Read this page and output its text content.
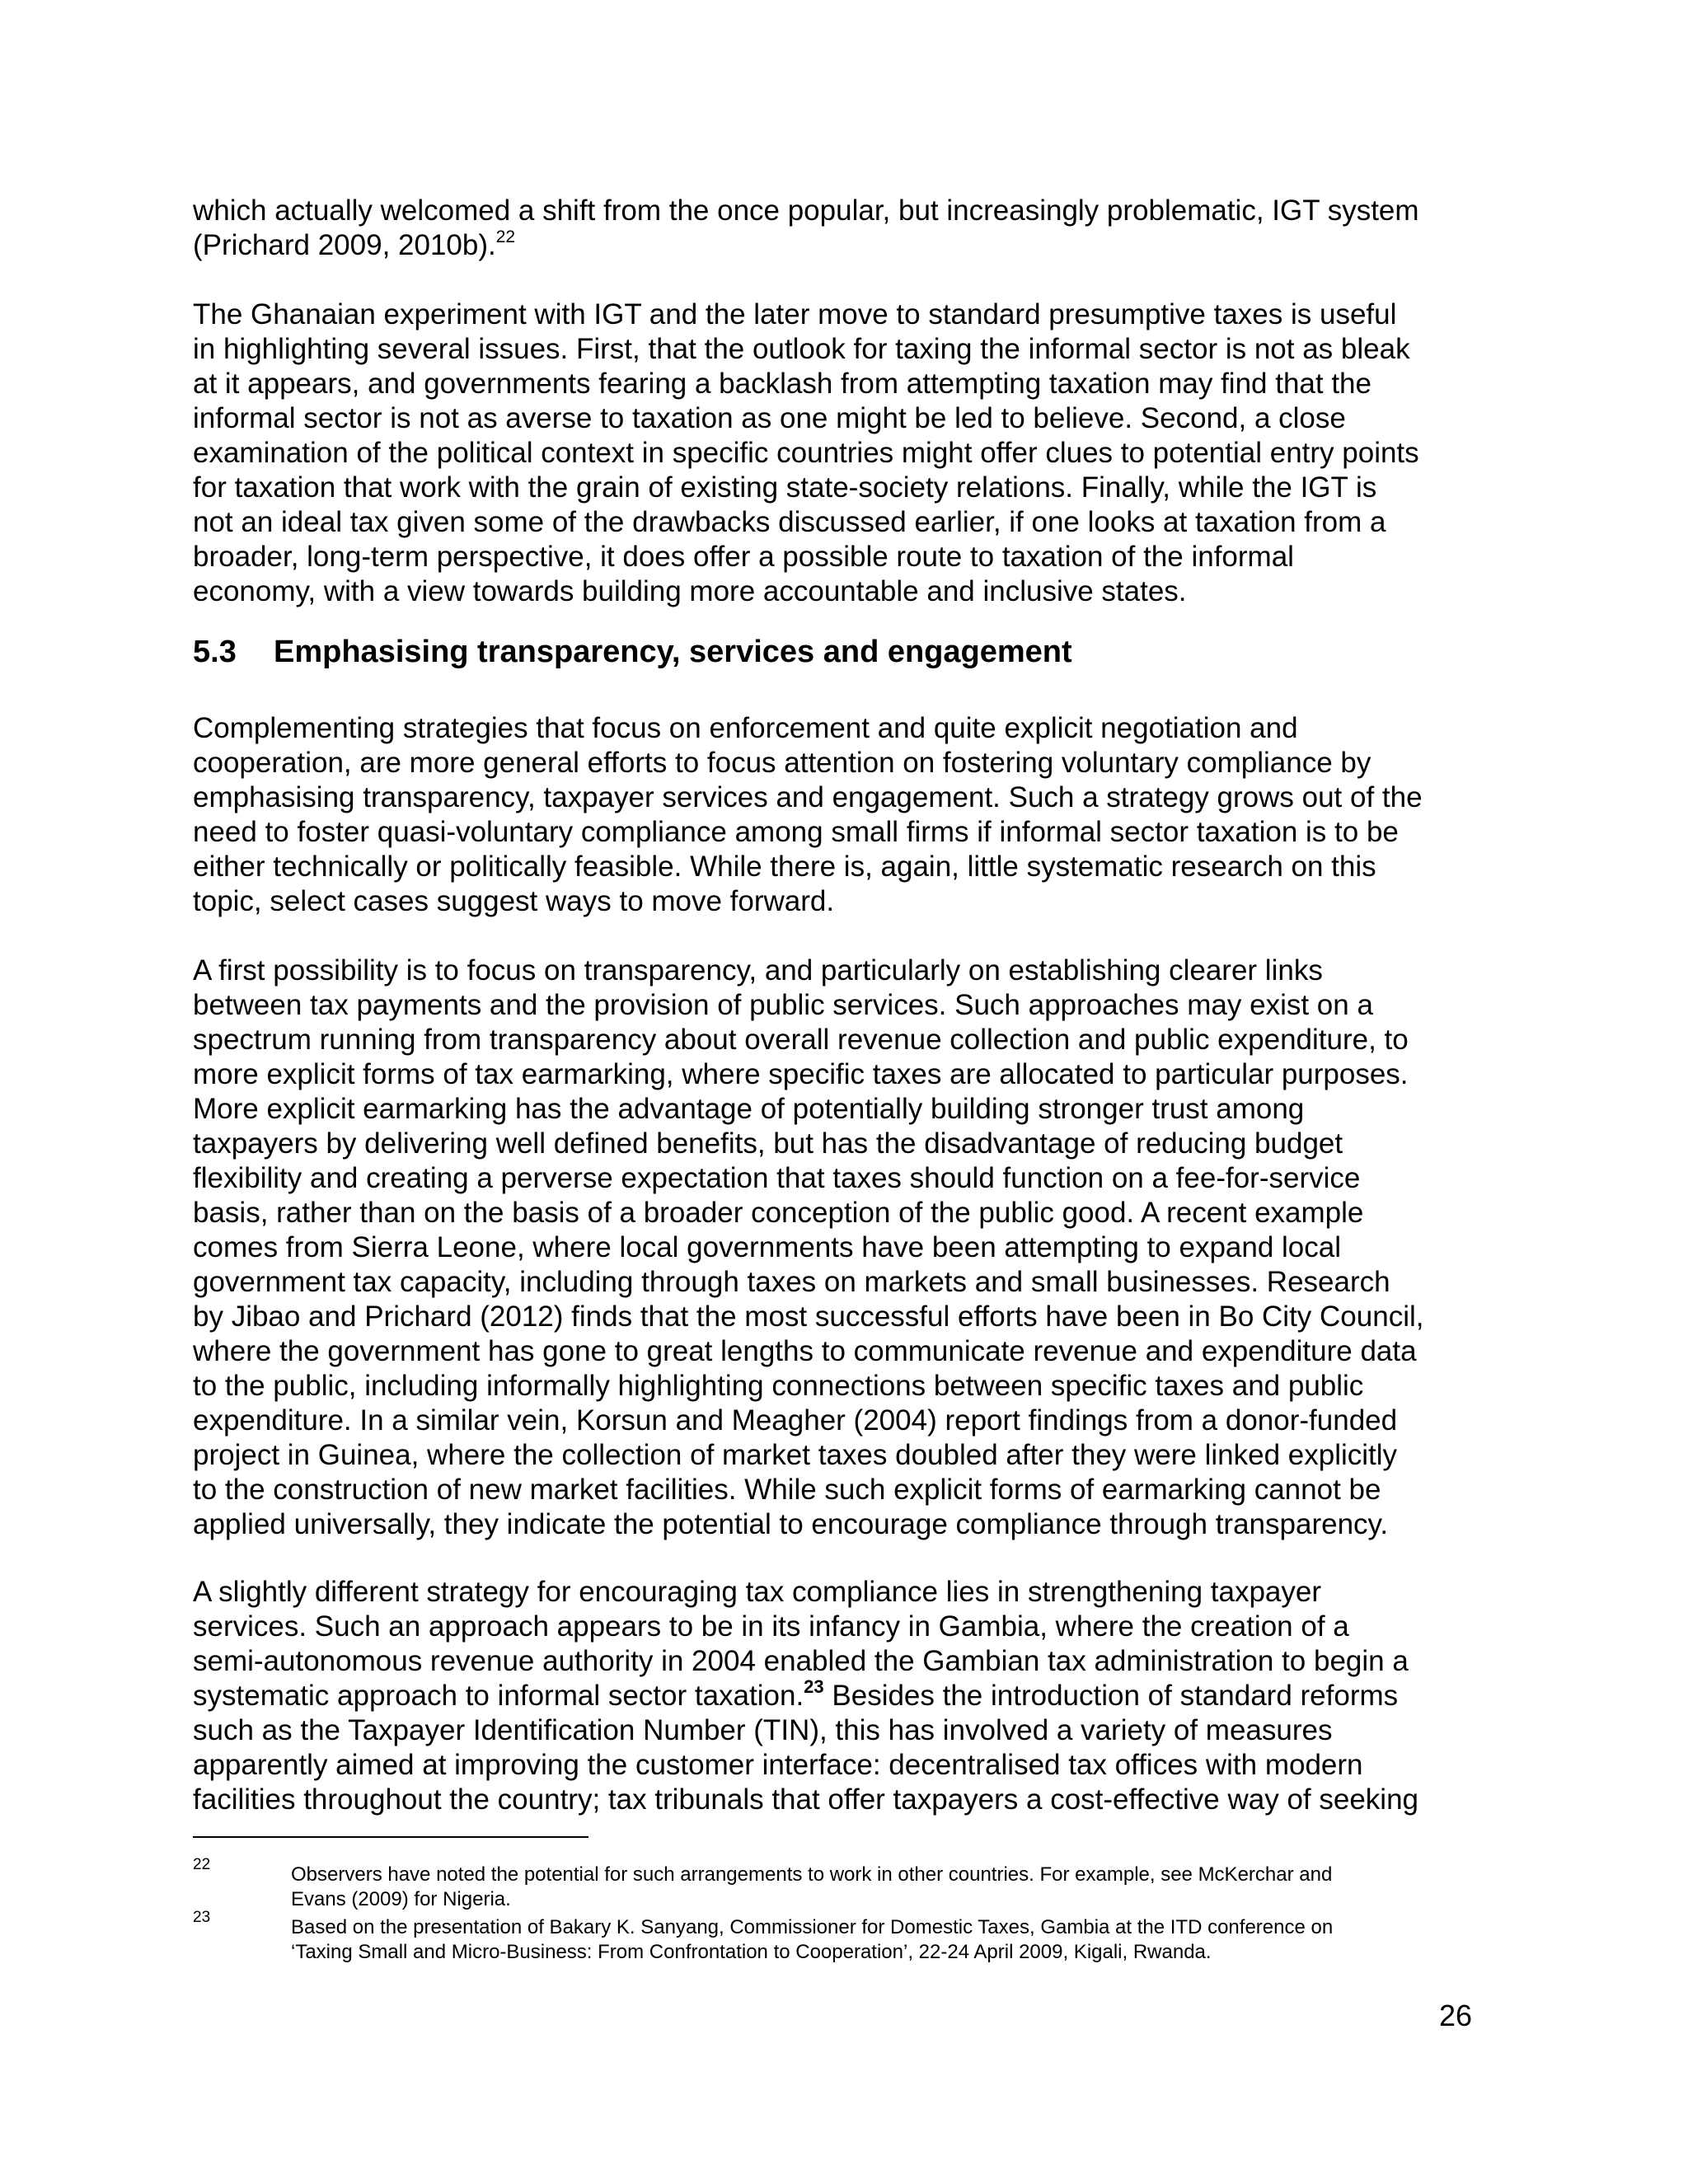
which actually welcomed a shift from the once popular, but increasingly problematic, IGT system
(Prichard 2009, 2010b).$^{22}$

The Ghanaian experiment with IGT and the later move to standard presumptive taxes is useful
in highlighting several issues. First, that the outlook for taxing the informal sector is not as bleak
at it appears, and governments fearing a backlash from attempting taxation may find that the
informal sector is not as averse to taxation as one might be led to believe. Second, a close
examination of the political context in specific countries might offer clues to potential entry points
for taxation that work with the grain of existing state-society relations. Finally, while the IGT is
not an ideal tax given some of the drawbacks discussed earlier, if one looks at taxation from a
broader, long-term perspective, it does offer a possible route to taxation of the informal
economy, with a view towards building more accountable and inclusive states.

5.3 Emphasising transparency, services and engagement

Complementing strategies that focus on enforcement and quite explicit negotiation and
cooperation, are more general efforts to focus attention on fostering voluntary compliance by
emphasising transparency, taxpayer services and engagement. Such a strategy grows out of the
need to foster quasi-voluntary compliance among small firms if informal sector taxation is to be
either technically or politically feasible. While there is, again, little systematic research on this
topic, select cases suggest ways to move forward.

A first possibility is to focus on transparency, and particularly on establishing clearer links
between tax payments and the provision of public services. Such approaches may exist on a
spectrum running from transparency about overall revenue collection and public expenditure, to
more explicit forms of tax earmarking, where specific taxes are allocated to particular purposes.
More explicit earmarking has the advantage of potentially building stronger trust among
taxpayers by delivering well defined benefits, but has the disadvantage of reducing budget
flexibility and creating a perverse expectation that taxes should function on a fee-for-service
basis, rather than on the basis of a broader conception of the public good. A recent example
comes from Sierra Leone, where local governments have been attempting to expand local
government tax capacity, including through taxes on markets and small businesses. Research
by Jibao and Prichard (2012) finds that the most successful efforts have been in Bo City Council,
where the government has gone to great lengths to communicate revenue and expenditure data
to the public, including informally highlighting connections between specific taxes and public
expenditure. In a similar vein, Korsun and Meagher (2004) report findings from a donor-funded
project in Guinea, where the collection of market taxes doubled after they were linked explicitly
to the construction of new market facilities. While such explicit forms of earmarking cannot be
applied universally, they indicate the potential to encourage compliance through transparency.

A slightly different strategy for encouraging tax compliance lies in strengthening taxpayer
services. Such an approach appears to be in its infancy in Gambia, where the creation of a
semi-autonomous revenue authority in 2004 enabled the Gambian tax administration to begin a
systematic approach to informal sector taxation.$^{23}$ Besides the introduction of standard reforms
such as the Taxpayer Identification Number (TIN), this has involved a variety of measures
apparently aimed at improving the customer interface: decentralised tax offices with modern
facilities throughout the country; tax tribunals that offer taxpayers a cost-effective way of seeking

22	Observers have noted the potential for such arrangements to work in other countries. For example, see McKerchar and
Evans (2009) for Nigeria.
23	Based on the presentation of Bakary K. Sanyang, Commissioner for Domestic Taxes, Gambia at the ITD conference on
‘Taxing Small and Micro-Business: From Confrontation to Cooperation’, 22-24 April 2009, Kigali, Rwanda.
26
